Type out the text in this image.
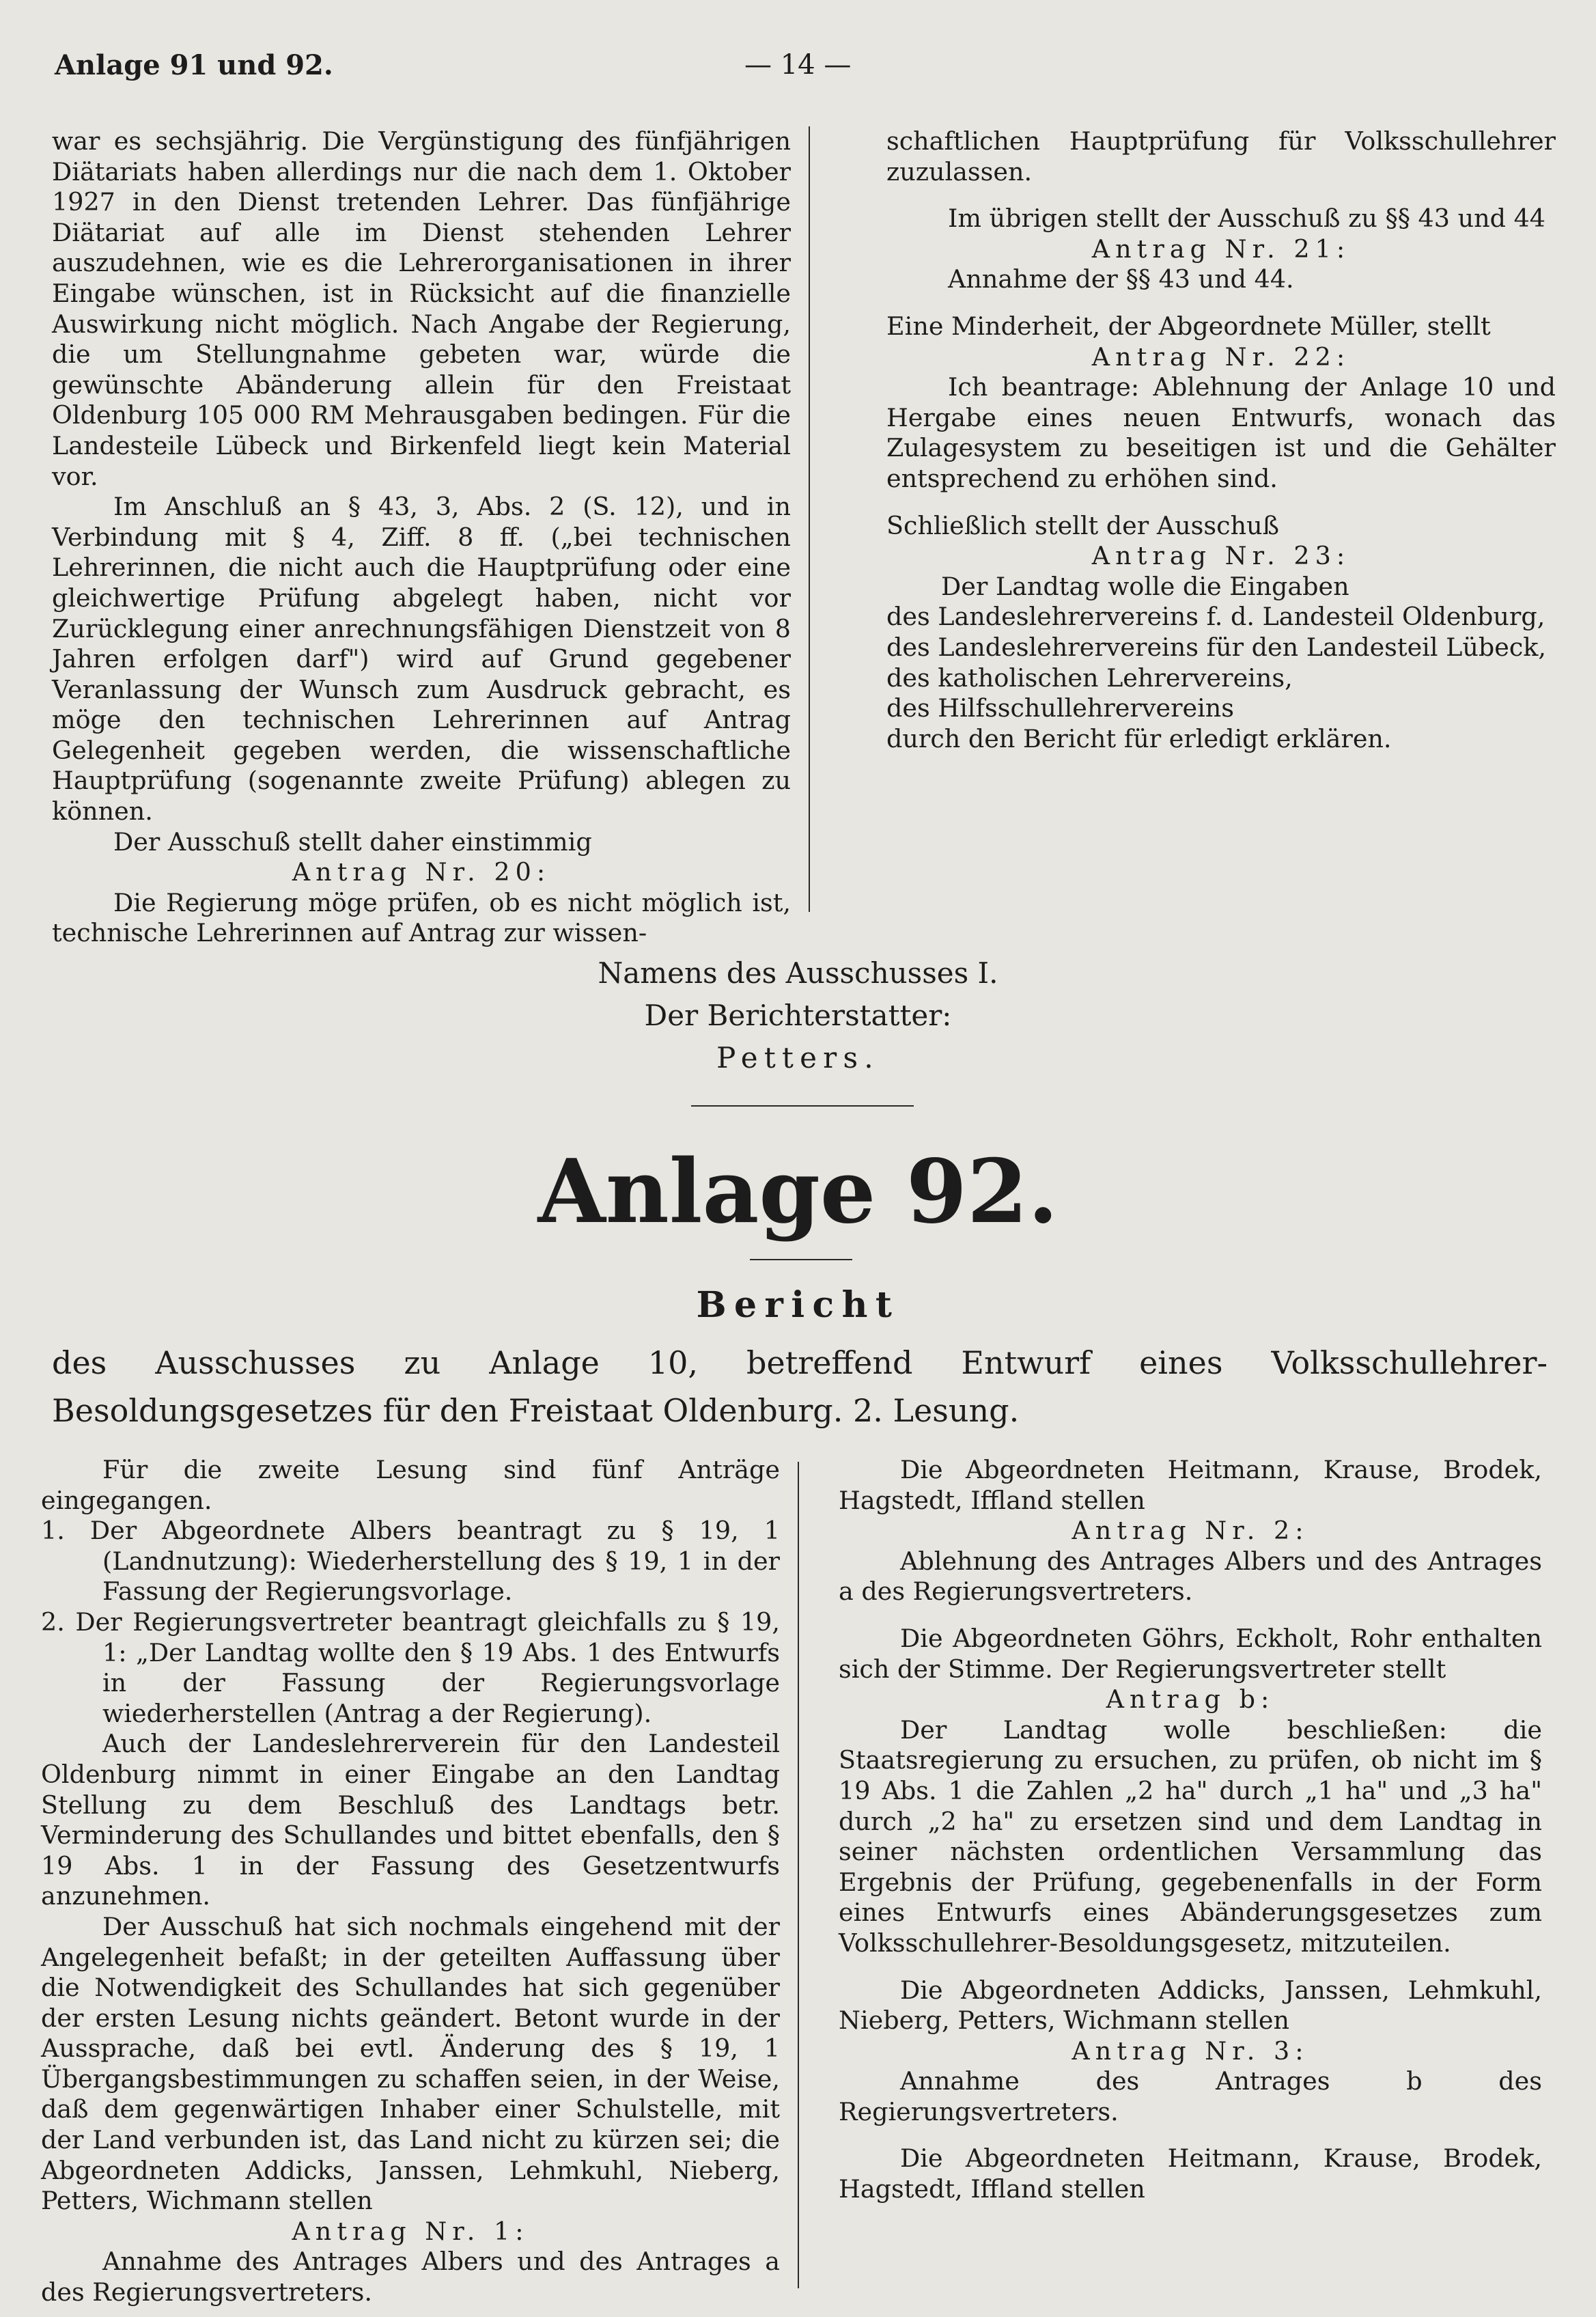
Anlage 91 und 92.	— 14 —

war es sechsjährig. Die Vergünstigung des fünfjährigen Diätariats haben allerdings nur die nach dem 1. Oktober 1927 in den Dienst tretenden Lehrer. Das fünfjährige Diätariat auf alle im Dienst stehenden Lehrer auszudehnen, wie es die Lehrerorganisationen in ihrer Eingabe wünschen, ist in Rücksicht auf die finanzielle Auswirkung nicht möglich. Nach Angabe der Regierung, die um Stellungnahme gebeten war, würde die gewünschte Abänderung allein für den Freistaat Oldenburg 105 000 RM Mehrausgaben bedingen. Für die Landesteile Lübeck und Birkenfeld liegt kein Material vor.

Im Anschluß an § 43, 3, Abs. 2 (S. 12), und in Verbindung mit § 4, Ziff. 8 ff. („bei technischen Lehrerinnen, die nicht auch die Hauptprüfung oder eine gleichwertige Prüfung abgelegt haben, nicht vor Zurücklegung einer anrechnungsfähigen Dienstzeit von 8 Jahren erfolgen darf") wird auf Grund gegebener Veranlassung der Wunsch zum Ausdruck gebracht, es möge den technischen Lehrerinnen auf Antrag Gelegenheit gegeben werden, die wissenschaftliche Hauptprüfung (sogenannte zweite Prüfung) ablegen zu können.

Der Ausschuß stellt daher einstimmig

Antrag Nr. 20:

Die Regierung möge prüfen, ob es nicht möglich ist, technische Lehrerinnen auf Antrag zur wissen-

schaftlichen Hauptprüfung für Volksschullehrer zuzulassen.

Im übrigen stellt der Ausschuß zu §§ 43 und 44

Antrag Nr. 21:

Annahme der §§ 43 und 44.

Eine Minderheit, der Abgeordnete Müller, stellt

Antrag Nr. 22:

Ich beantrage: Ablehnung der Anlage 10 und Hergabe eines neuen Entwurfs, wonach das Zulagesystem zu beseitigen ist und die Gehälter entsprechend zu erhöhen sind.

Schließlich stellt der Ausschuß

Antrag Nr. 23:

Der Landtag wolle die Eingaben

des Landeslehrervereins f. d. Landesteil Oldenburg,

des Landeslehrervereins für den Landesteil Lübeck,

des katholischen Lehrervereins,

des Hilfsschullehrervereins

durch den Bericht für erledigt erklären.

Namens des Ausschusses I.
Der Berichterstatter:
Petters.
Anlage 92.
Bericht
des Ausschusses zu Anlage 10, betreffend Entwurf eines Volksschullehrer-Besoldungsgesetzes für den Freistaat Oldenburg. 2. Lesung.

Für die zweite Lesung sind fünf Anträge eingegangen.

1. Der Abgeordnete Albers beantragt zu § 19, 1 (Landnutzung): Wiederherstellung des § 19, 1 in der Fassung der Regierungsvorlage.

2. Der Regierungsvertreter beantragt gleichfalls zu § 19, 1: „Der Landtag wollte den § 19 Abs. 1 des Entwurfs in der Fassung der Regierungsvorlage wiederherstellen (Antrag a der Regierung).

Auch der Landeslehrerverein für den Landesteil Oldenburg nimmt in einer Eingabe an den Landtag Stellung zu dem Beschluß des Landtags betr. Verminderung des Schullandes und bittet ebenfalls, den § 19 Abs. 1 in der Fassung des Gesetzentwurfs anzunehmen.

Der Ausschuß hat sich nochmals eingehend mit der Angelegenheit befaßt; in der geteilten Auffassung über die Notwendigkeit des Schullandes hat sich gegenüber der ersten Lesung nichts geändert. Betont wurde in der Aussprache, daß bei evtl. Änderung des § 19, 1 Übergangsbestimmungen zu schaffen seien, in der Weise, daß dem gegenwärtigen Inhaber einer Schulstelle, mit der Land verbunden ist, das Land nicht zu kürzen sei; die Abgeordneten Addicks, Janssen, Lehmkuhl, Nieberg, Petters, Wichmann stellen

Antrag Nr. 1:

Annahme des Antrages Albers und des Antrages a des Regierungsvertreters.

Die Abgeordneten Heitmann, Krause, Brodek, Hagstedt, Iffland stellen

Antrag Nr. 2:

Ablehnung des Antrages Albers und des Antrages a des Regierungsvertreters.

Die Abgeordneten Göhrs, Eckholt, Rohr enthalten sich der Stimme. Der Regierungsvertreter stellt

Antrag b:

Der Landtag wolle beschließen: die Staatsregierung zu ersuchen, zu prüfen, ob nicht im § 19 Abs. 1 die Zahlen „2 ha" durch „1 ha" und „3 ha" durch „2 ha" zu ersetzen sind und dem Landtag in seiner nächsten ordentlichen Versammlung das Ergebnis der Prüfung, gegebenenfalls in der Form eines Entwurfs eines Abänderungsgesetzes zum Volksschullehrer-Besoldungsgesetz, mitzuteilen.

Die Abgeordneten Addicks, Janssen, Lehmkuhl, Nieberg, Petters, Wichmann stellen

Antrag Nr. 3:

Annahme des Antrages b des Regierungsvertreters.

Die Abgeordneten Heitmann, Krause, Brodek, Hagstedt, Iffland stellen
